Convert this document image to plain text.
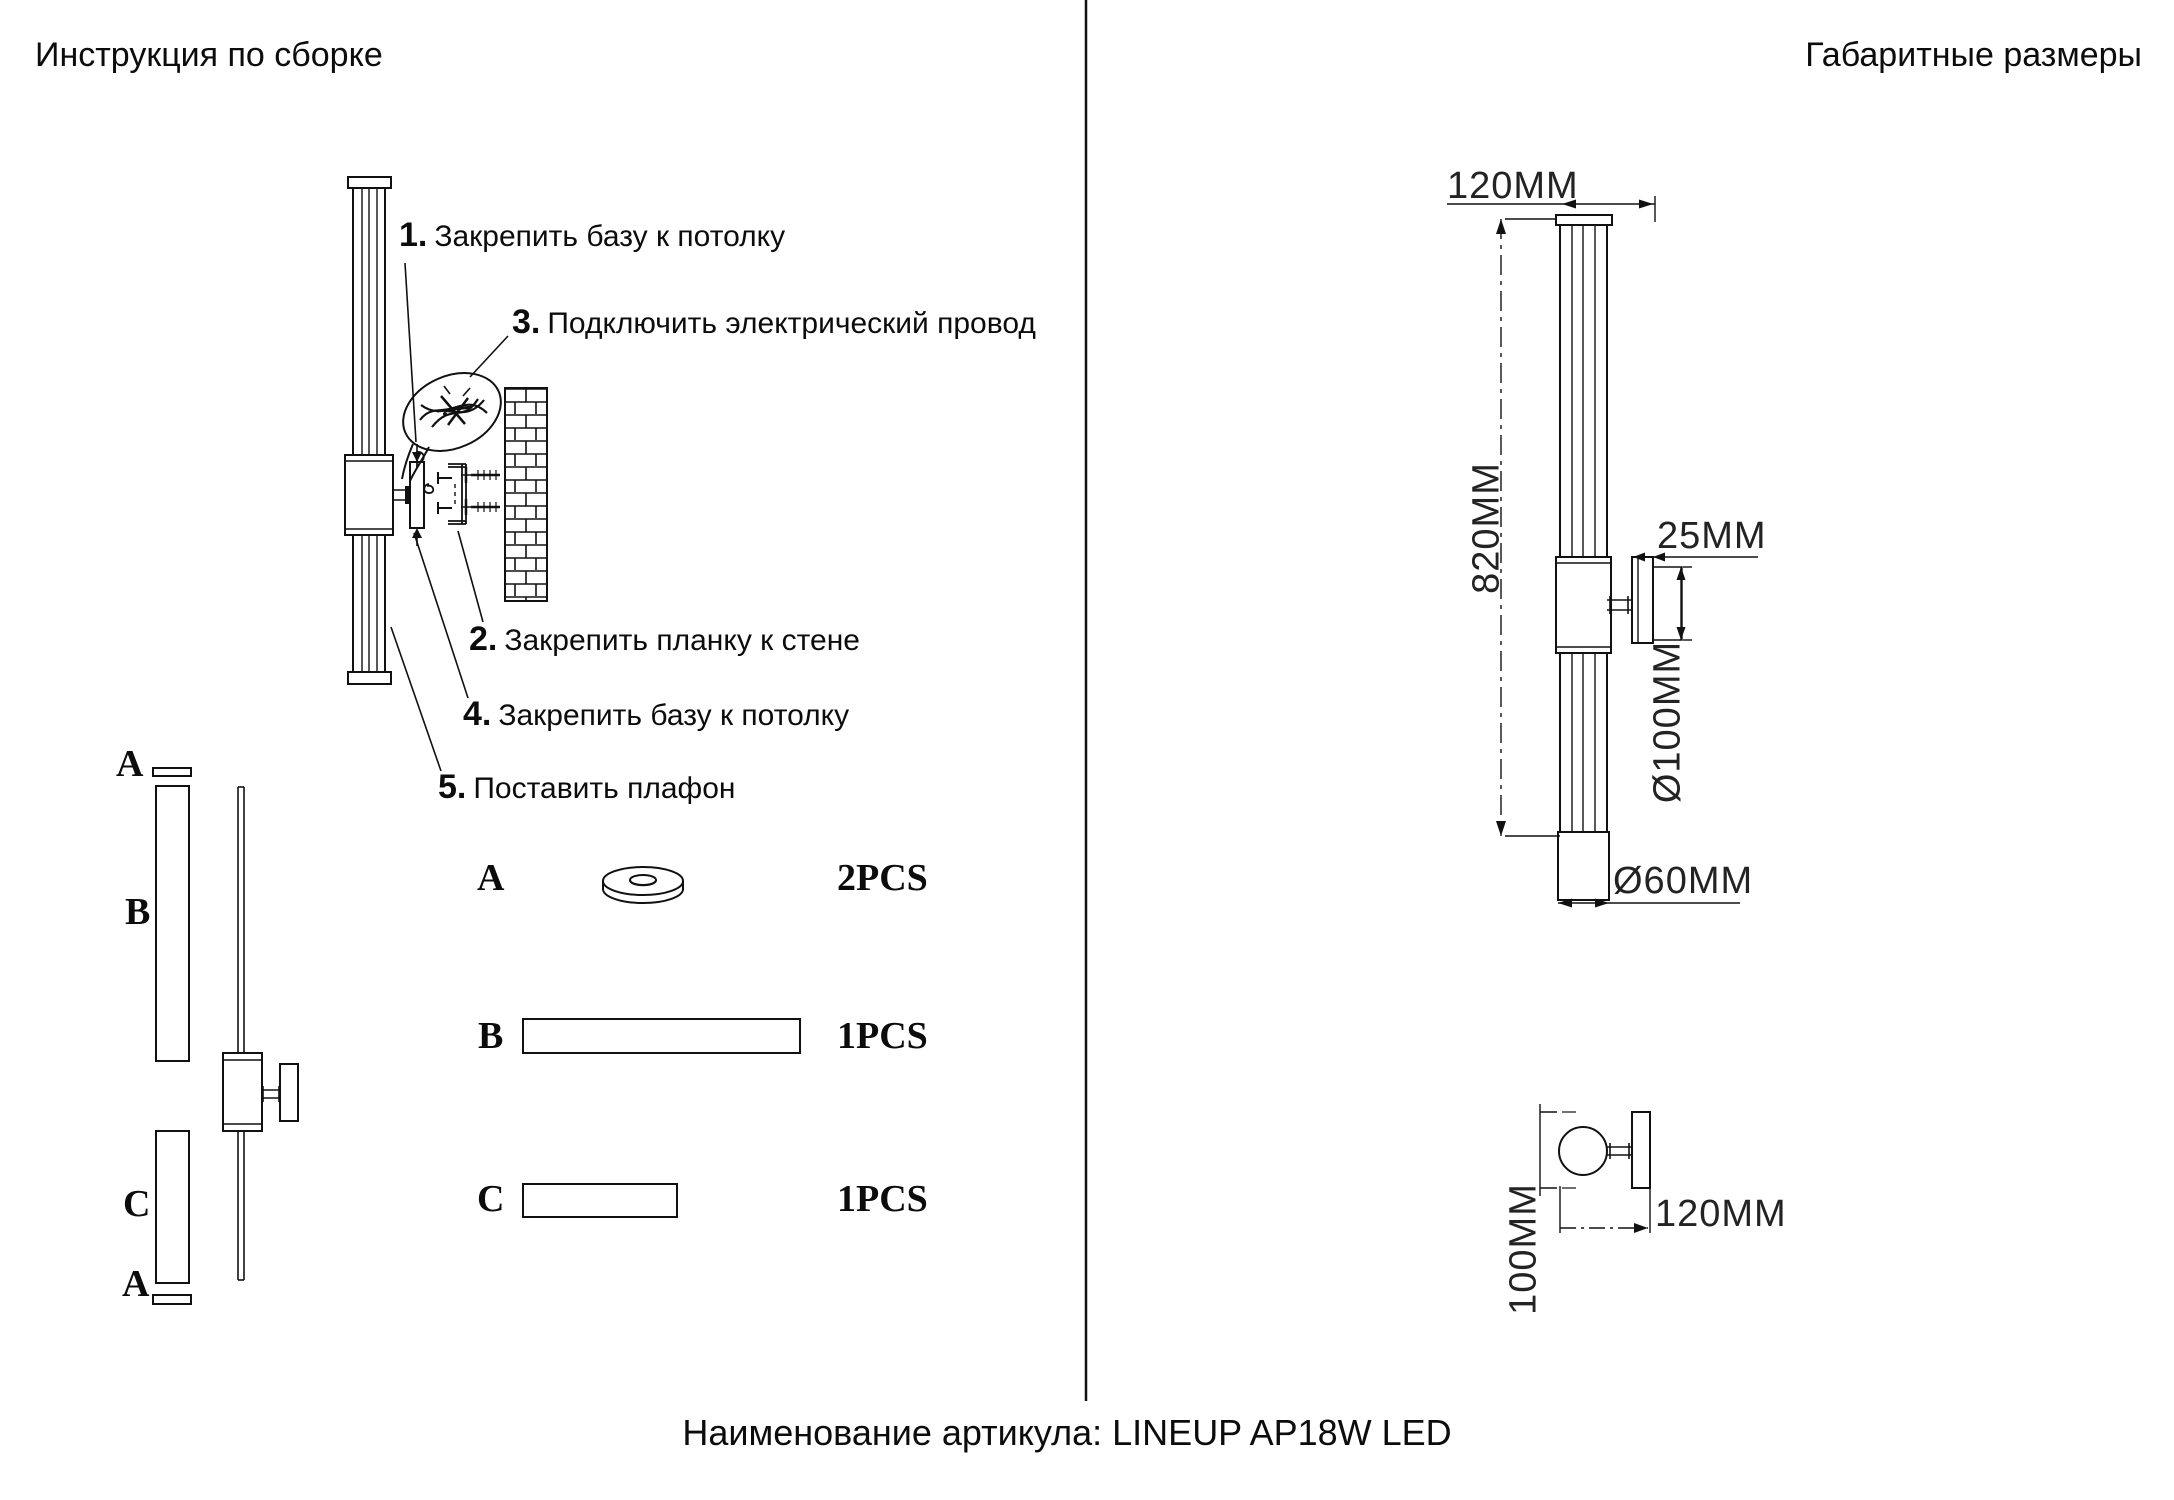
Инструкция по сборке	Габаритные размеры
1. Закрепить базу к потолку
3. Подключить электрический провод
2. Закрепить планку к стене
4. Закрепить базу к потолку
5. Поставить плафон
A
B
C
A
A	2PCS
B	1PCS
C	1PCS
120MM
820MM	25MM
Ø100MM
Ø60MM
100MM	120MM
Наименование артикула: LINEUP AP18W LED
